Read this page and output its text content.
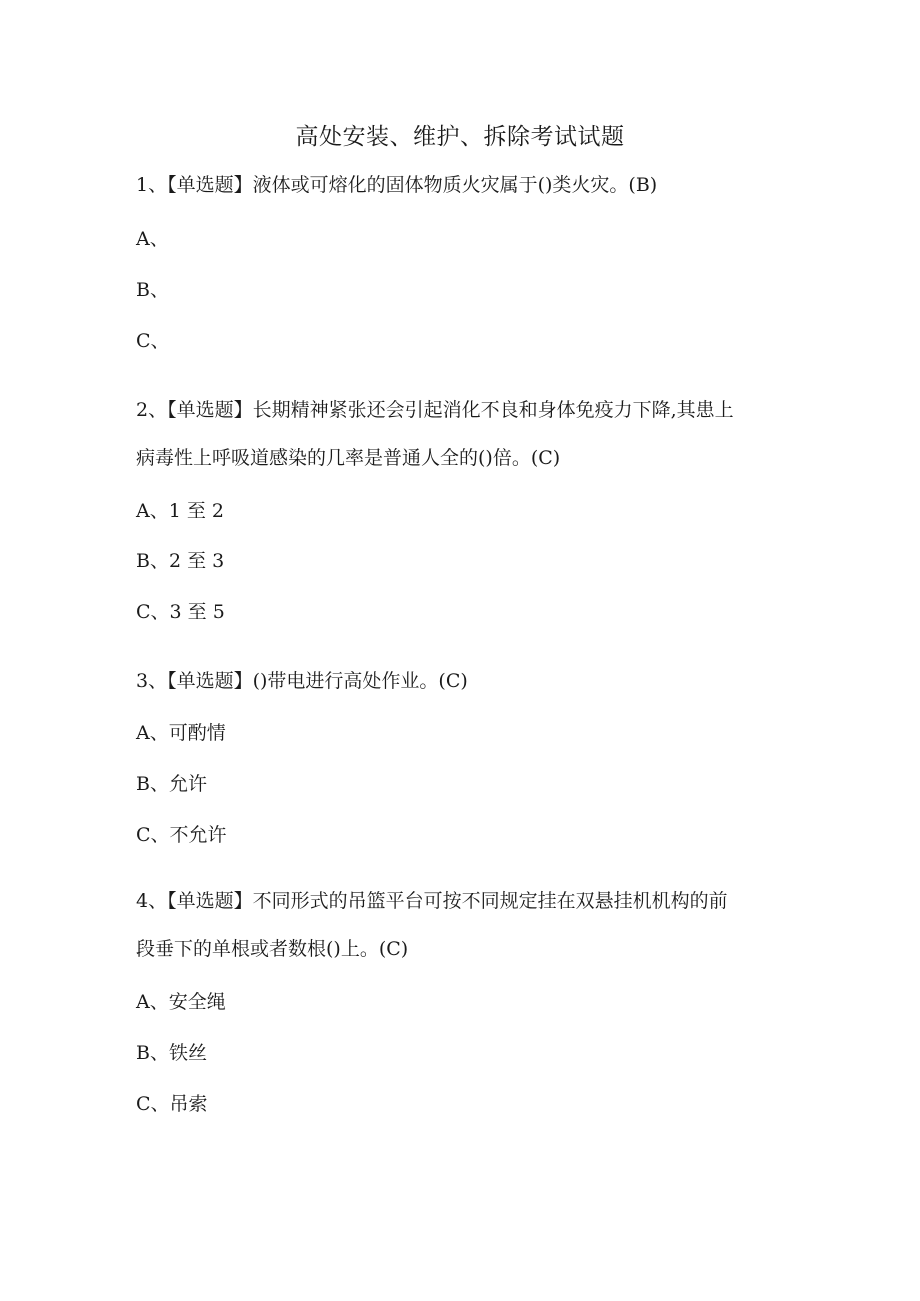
高处安装、维护、拆除考试试题
1、【单选题】液体或可熔化的固体物质火灾属于()类火灾。(B)
A、
B、
C、
2、【单选题】长期精神紧张还会引起消化不良和身体免疫力下降,其患上
病毒性上呼吸道感染的几率是普通人全的()倍。(C)
A、1 至 2
B、2 至 3
C、3 至 5
3、【单选题】()带电进行高处作业。(C)
A、可酌情
B、允许
C、不允许
4、【单选题】不同形式的吊篮平台可按不同规定挂在双悬挂机机构的前
段垂下的单根或者数根()上。(C)
A、安全绳
B、铁丝
C、吊索
